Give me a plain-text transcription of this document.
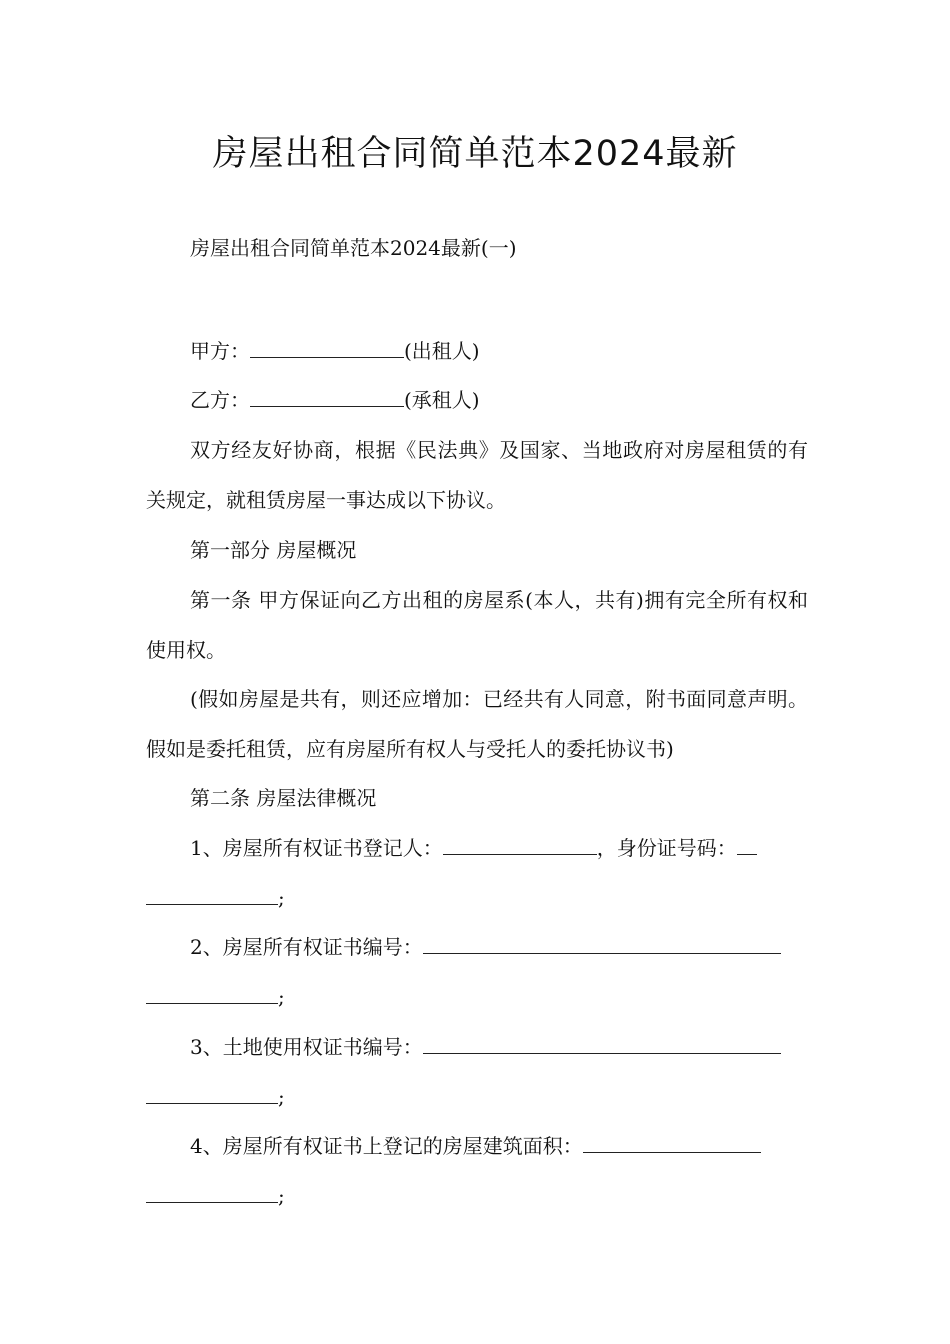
房屋出租合同简单范本2024最新
房屋出租合同简单范本2024最新(一)
甲方：	(出租人)
乙方：	(承租人)

双方经友好协商，根据《民法典》及国家、当地政府对房屋租赁的有关规定，就租赁房屋一事达成以下协议。

第一部分 房屋概况

第一条 甲方保证向乙方出租的房屋系(本人，共有)拥有完全所有权和使用权。

(假如房屋是共有，则还应增加：已经共有人同意，附书面同意声明。假如是委托租赁，应有房屋所有权人与受托人的委托协议书)

第二条 房屋法律概况
1、房屋所有权证书登记人：	，身份证号码：
;
2、房屋所有权证书编号：
;
3、土地使用权证书编号：
;
4、房屋所有权证书上登记的房屋建筑面积：
;
